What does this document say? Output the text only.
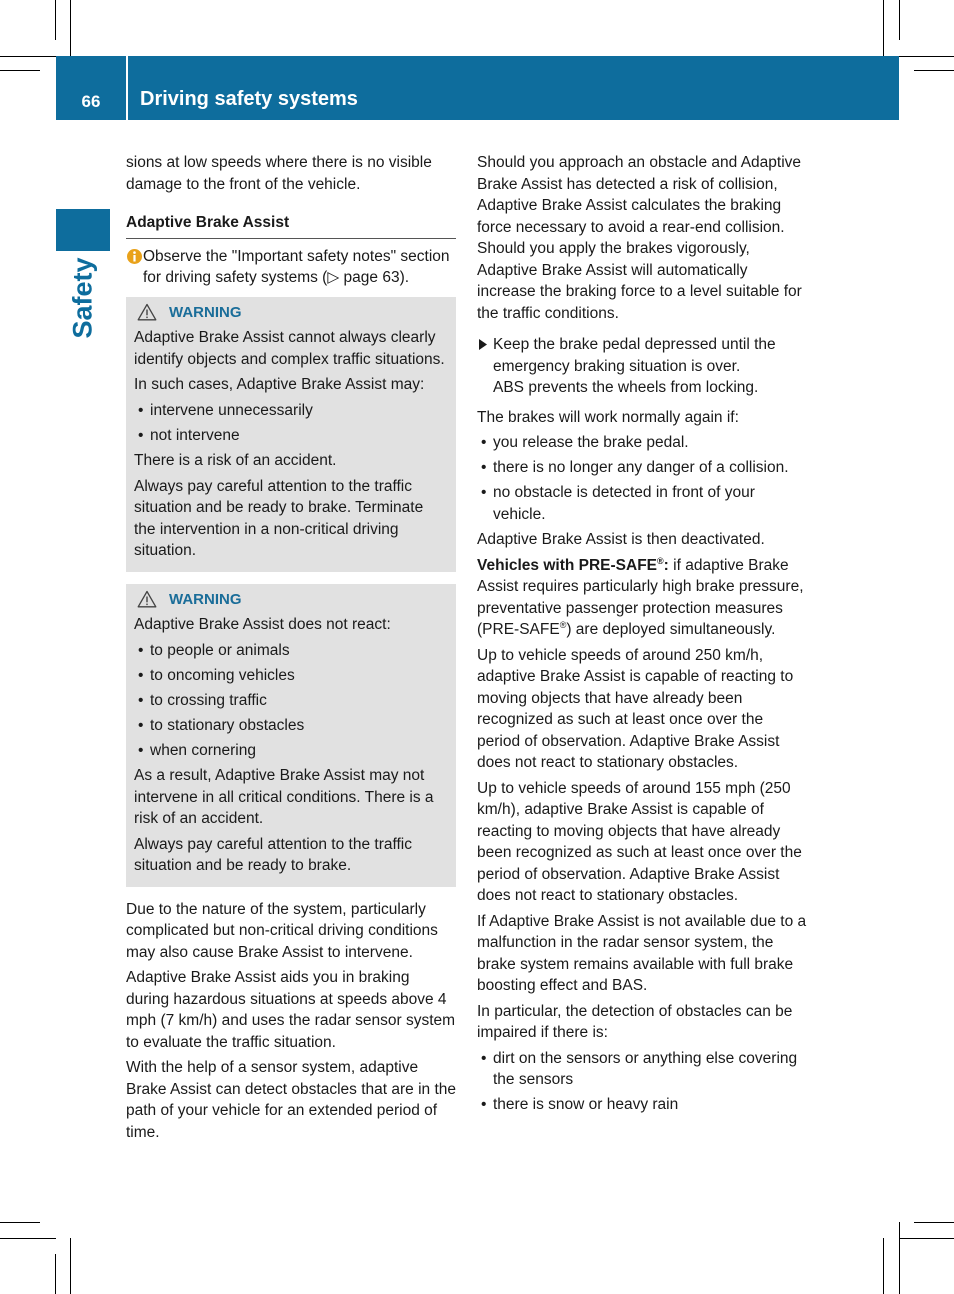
66	Driving safety systems
Safety

sions at low speeds where there is no visible damage to the front of the vehicle.

Adaptive Brake Assist
Observe the "Important safety notes" section for driving safety systems (▷ page 63).
WARNING

Adaptive Brake Assist cannot always clearly identify objects and complex traffic situations.

In such cases, Adaptive Brake Assist may:

• intervene unnecessarily
• not intervene

There is a risk of an accident.

Always pay careful attention to the traffic situation and be ready to brake. Terminate the intervention in a non-critical driving situation.

WARNING

Adaptive Brake Assist does not react:

• to people or animals
• to oncoming vehicles
• to crossing traffic
• to stationary obstacles
• when cornering

As a result, Adaptive Brake Assist may not intervene in all critical conditions. There is a risk of an accident.

Always pay careful attention to the traffic situation and be ready to brake.

Due to the nature of the system, particularly complicated but non-critical driving conditions may also cause Brake Assist to intervene.

Adaptive Brake Assist aids you in braking during hazardous situations at speeds above 4 mph (7 km/h) and uses the radar sensor system to evaluate the traffic situation.

With the help of a sensor system, adaptive Brake Assist can detect obstacles that are in the path of your vehicle for an extended period of time.

Should you approach an obstacle and Adaptive Brake Assist has detected a risk of collision, Adaptive Brake Assist calculates the braking force necessary to avoid a rear-end collision. Should you apply the brakes vigorously, Adaptive Brake Assist will automatically increase the braking force to a level suitable for the traffic conditions.

Keep the brake pedal depressed until the emergency braking situation is over.
ABS prevents the wheels from locking.

The brakes will work normally again if:

• you release the brake pedal.
• there is no longer any danger of a collision.
• no obstacle is detected in front of your vehicle.

Adaptive Brake Assist is then deactivated.

Vehicles with PRE-SAFE®: if adaptive Brake Assist requires particularly high brake pressure, preventative passenger protection measures (PRE-SAFE®) are deployed simultaneously.

Up to vehicle speeds of around 250 km/h, adaptive Brake Assist is capable of reacting to moving objects that have already been recognized as such at least once over the period of observation. Adaptive Brake Assist does not react to stationary obstacles.

Up to vehicle speeds of around 155 mph (250 km/h), adaptive Brake Assist is capable of reacting to moving objects that have already been recognized as such at least once over the period of observation. Adaptive Brake Assist does not react to stationary obstacles.

If Adaptive Brake Assist is not available due to a malfunction in the radar sensor system, the brake system remains available with full brake boosting effect and BAS.

In particular, the detection of obstacles can be impaired if there is:

• dirt on the sensors or anything else covering the sensors
• there is snow or heavy rain
